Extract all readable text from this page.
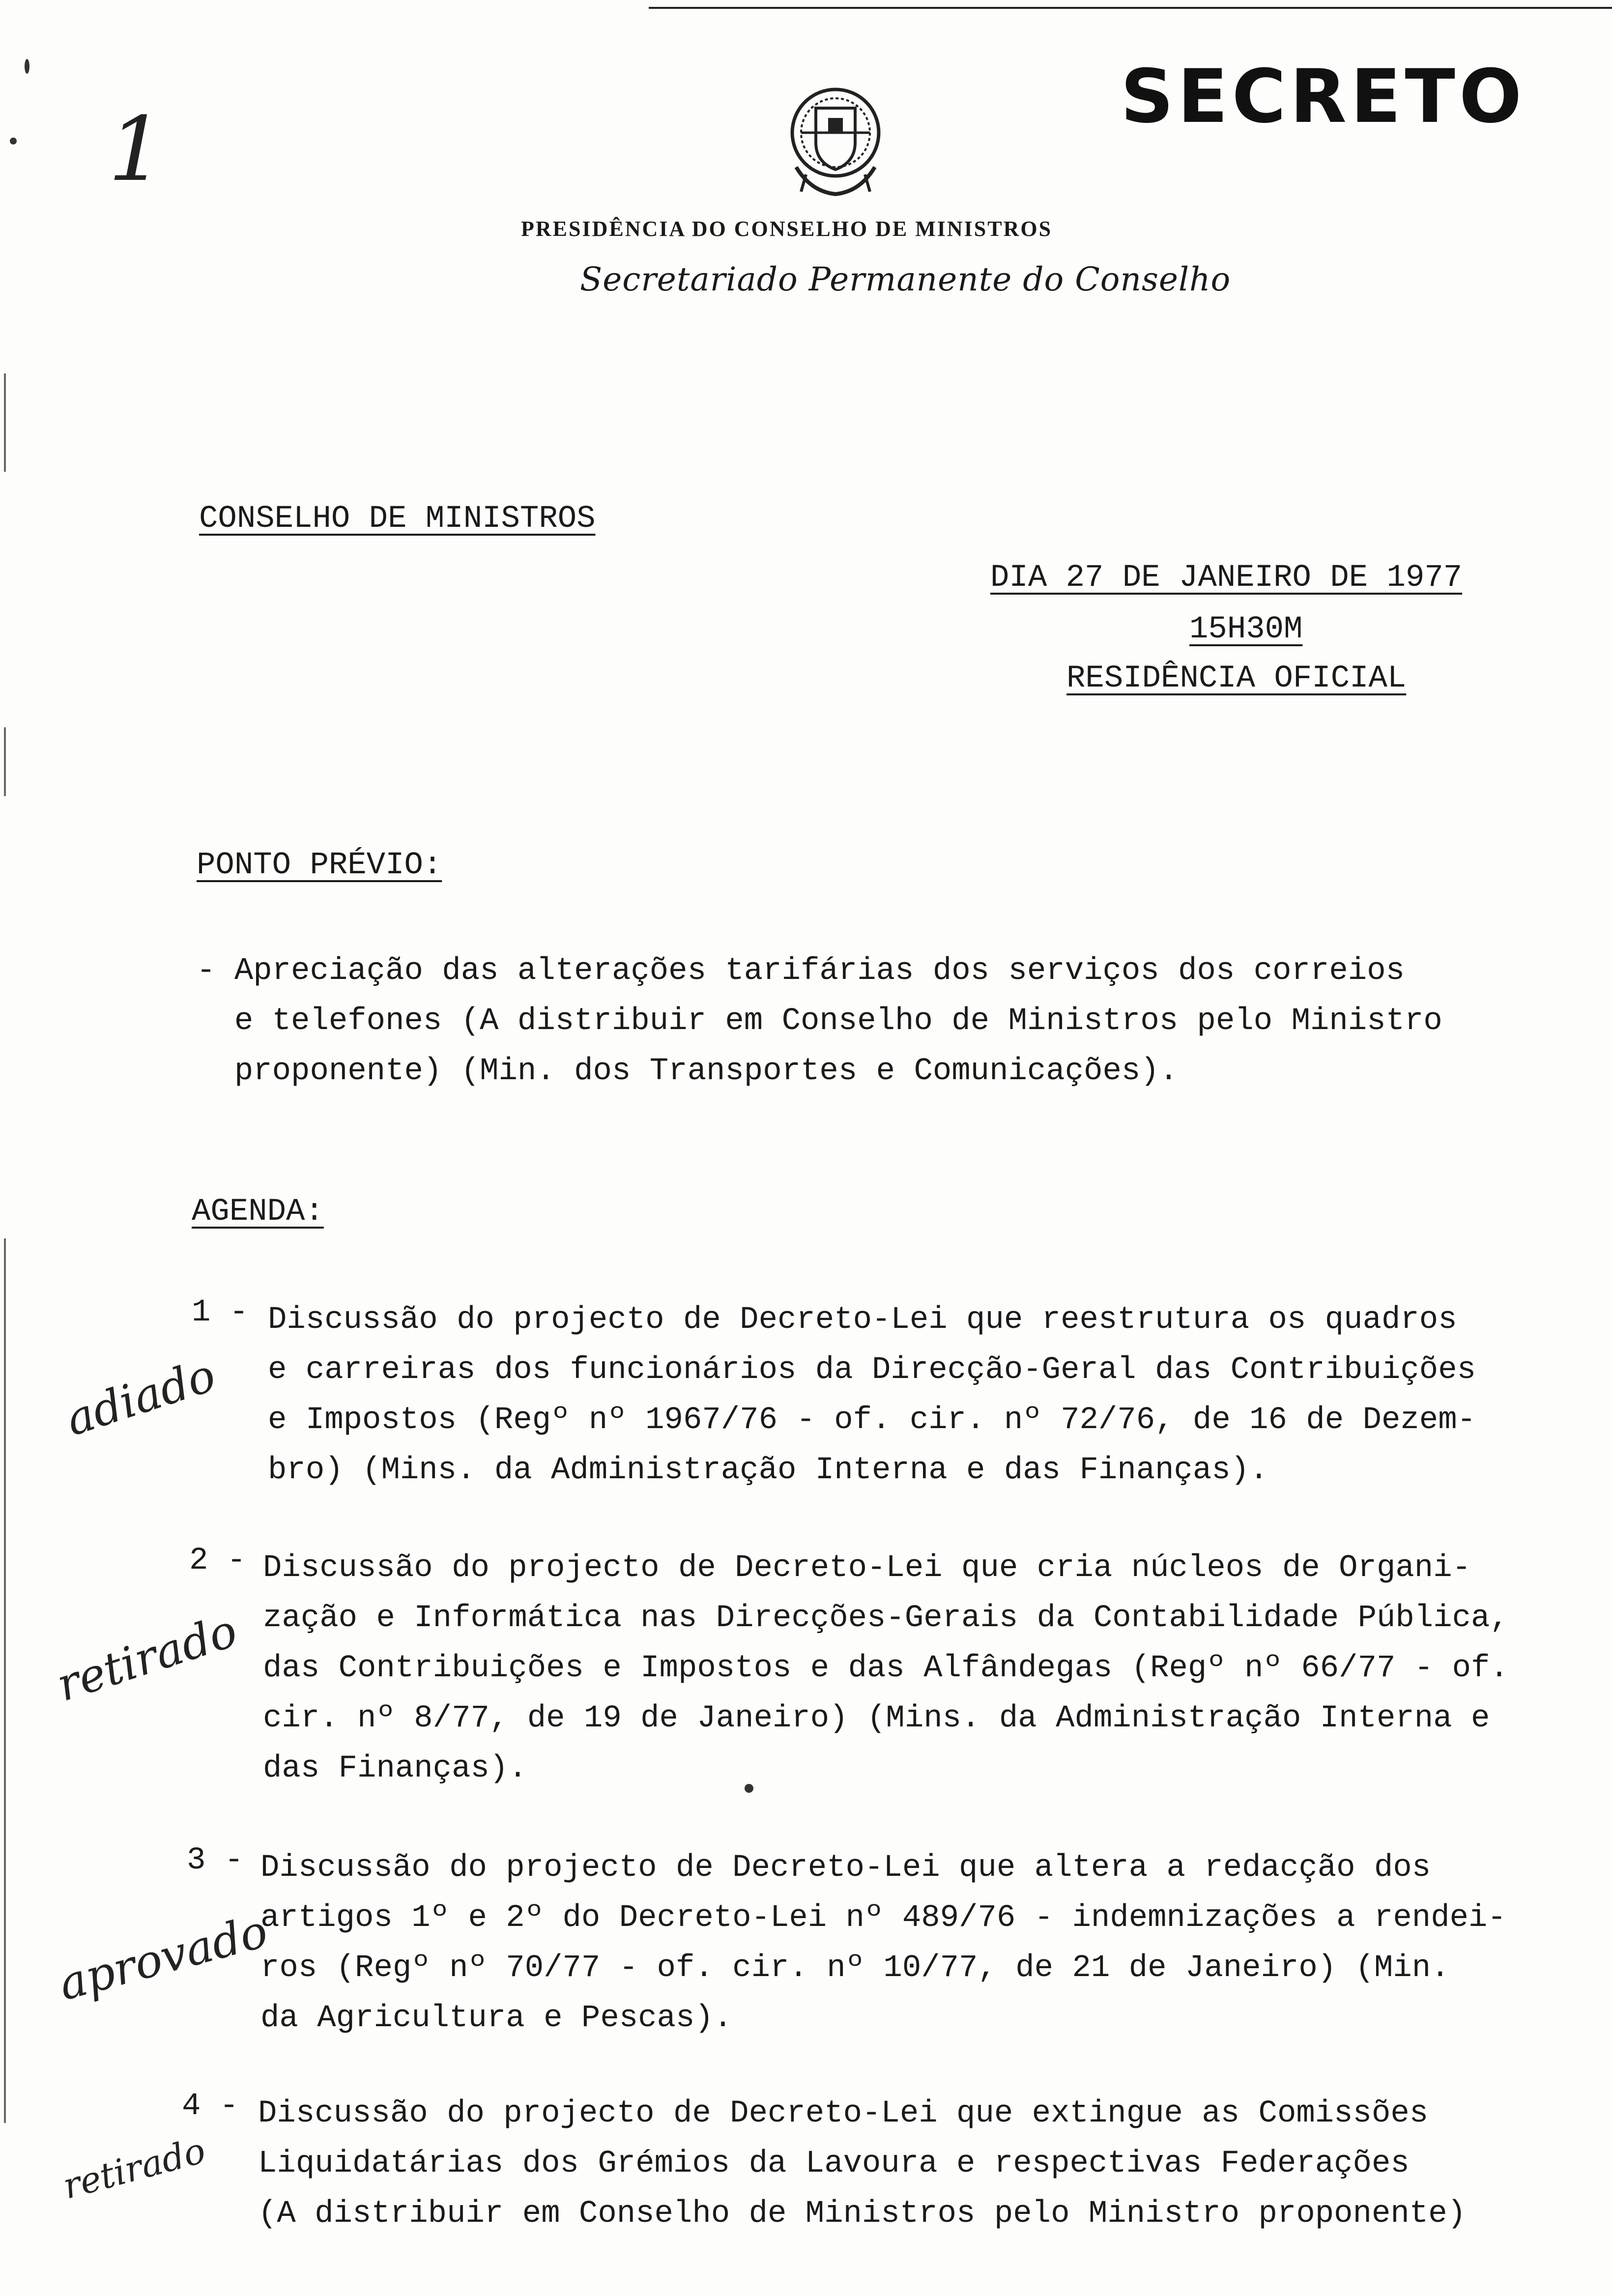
1
SECRETO
PRESIDÊNCIA DO CONSELHO DE MINISTROS
Secretariado Permanente do Conselho
CONSELHO DE MINISTROS
DIA 27 DE JANEIRO DE 1977
15H30M
RESIDÊNCIA OFICIAL
PONTO PRÉVIO:
- Apreciação das alterações tarifárias dos serviços dos correios
e telefones (A distribuir em Conselho de Ministros pelo Ministro
proponente) (Min. dos Transportes e Comunicações).
AGENDA:
1 - Discussão do projecto de Decreto-Lei que reestrutura os quadros
e carreiras dos funcionários da Direcção-Geral das Contribuições
e Impostos (Regº nº 1967/76 - of. cir. nº 72/76, de 16 de Dezem-
bro) (Mins. da Administração Interna e das Finanças).
adiado
2 - Discussão do projecto de Decreto-Lei que cria núcleos de Organi-
zação e Informática nas Direcções-Gerais da Contabilidade Pública,
das Contribuições e Impostos e das Alfândegas (Regº nº 66/77 - of.
cir. nº 8/77, de 19 de Janeiro) (Mins. da Administração Interna e
das Finanças).
retirado
3 - Discussão do projecto de Decreto-Lei que altera a redacção dos
artigos 1º e 2º do Decreto-Lei nº 489/76 - indemnizações a rendei-
ros (Regº nº 70/77 - of. cir. nº 10/77, de 21 de Janeiro) (Min.
da Agricultura e Pescas).
aprovado
4 - Discussão do projecto de Decreto-Lei que extingue as Comissões
Liquidatárias dos Grémios da Lavoura e respectivas Federações
(A distribuir em Conselho de Ministros pelo Ministro proponente)
retirado
